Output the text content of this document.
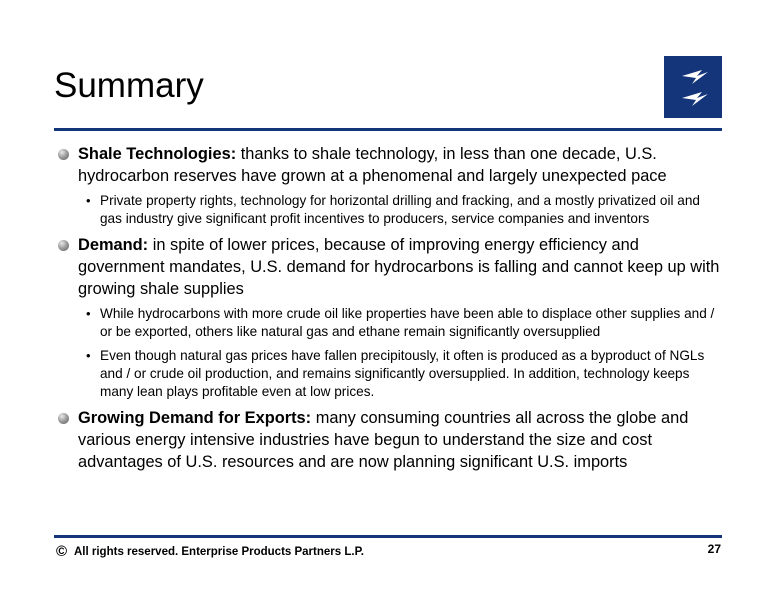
Summary
Shale Technologies: thanks to shale technology, in less than one decade, U.S. hydrocarbon reserves have grown at a phenomenal and largely unexpected pace
• Private property rights, technology for horizontal drilling and fracking, and a mostly privatized oil and gas industry give significant profit incentives to producers, service companies and inventors
Demand: in spite of lower prices, because of improving energy efficiency and government mandates, U.S. demand for hydrocarbons is falling and cannot keep up with growing shale supplies
• While hydrocarbons with more crude oil like properties have been able to displace other supplies and / or be exported, others like natural gas and ethane remain significantly oversupplied
• Even though natural gas prices have fallen precipitously, it often is produced as a byproduct of NGLs and / or crude oil production, and remains significantly oversupplied. In addition, technology keeps many lean plays profitable even at low prices.
Growing Demand for Exports: many consuming countries all across the globe and various energy intensive industries have begun to understand the size and cost advantages of U.S. resources and are now planning significant U.S. imports
© All rights reserved. Enterprise Products Partners L.P.	27
